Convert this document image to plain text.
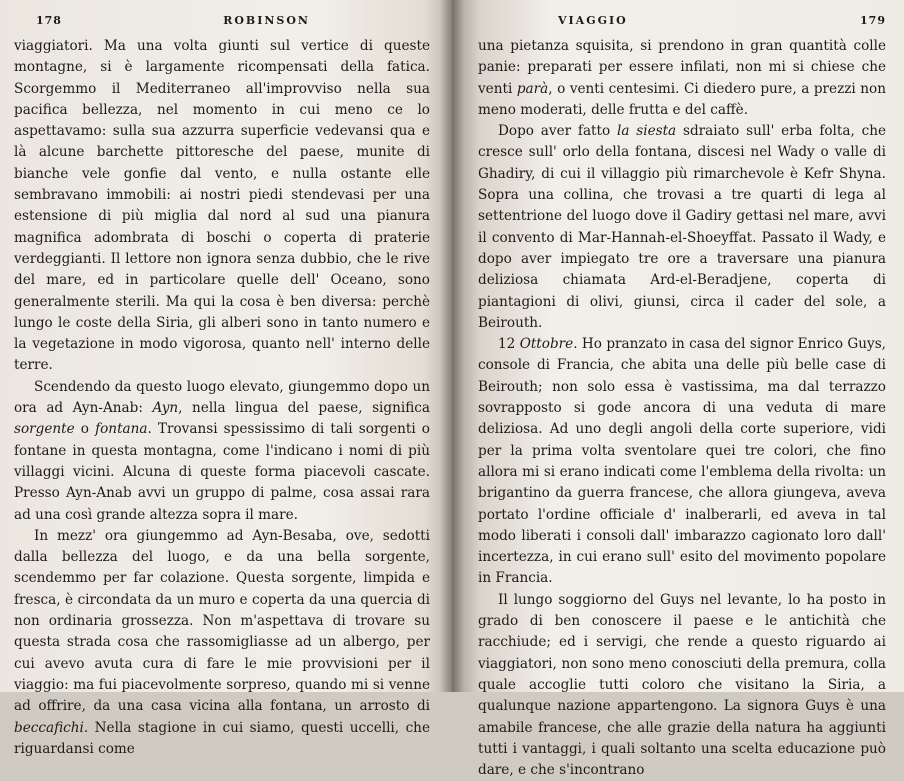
178	ROBINSON

viaggiatori. Ma una volta giunti sul vertice di queste montagne, si è largamente ricompensati della fatica. Scorgemmo il Mediterraneo all'improvviso nella sua pacifica bellezza, nel momento in cui meno ce lo aspettavamo: sulla sua azzurra superficie vedevansi qua e là alcune barchette pittoresche del paese, munite di bianche vele gonfie dal vento, e nulla ostante elle sembravano immobili: ai nostri piedi stendevasi per una estensione di più miglia dal nord al sud una pianura magnifica adombrata di boschi o coperta di praterie verdeggianti. Il lettore non ignora senza dubbio, che le rive del mare, ed in particolare quelle dell' Oceano, sono generalmente sterili. Ma qui la cosa è ben diversa: perchè lungo le coste della Siria, gli alberi sono in tanto numero e la vegetazione in modo vigorosa, quanto nell' interno delle terre.

Scendendo da questo luogo elevato, giungemmo dopo un ora ad Ayn-Anab: Ayn, nella lingua del paese, significa sorgente o fontana. Trovansi spessissimo di tali sorgenti o fontane in questa montagna, come l'indicano i nomi di più villaggi vicini. Alcuna di queste forma piacevoli cascate. Presso Ayn-Anab avvi un gruppo di palme, cosa assai rara ad una così grande altezza sopra il mare.

In mezz' ora giungemmo ad Ayn-Besaba, ove, sedotti dalla bellezza del luogo, e da una bella sorgente, scendemmo per far colazione. Questa sorgente, limpida e fresca, è circondata da un muro e coperta da una quercia di non ordinaria grossezza. Non m'aspettava di trovare su questa strada cosa che rassomigliasse ad un albergo, per cui avevo avuta cura di fare le mie provvisioni per il viaggio: ma fui piacevolmente sorpreso, quando mi si venne ad offrire, da una casa vicina alla fontana, un arrosto di beccafichi. Nella stagione in cui siamo, questi uccelli, che riguardansi come

VIAGGIO	179

una pietanza squisita, si prendono in gran quantità colle panie: preparati per essere infilati, non mi si chiese che venti parà, o venti centesimi. Ci diedero pure, a prezzi non meno moderati, delle frutta e del caffè.

Dopo aver fatto la siesta sdraiato sull' erba folta, che cresce sull' orlo della fontana, discesi nel Wady o valle di Ghadiry, di cui il villaggio più rimarchevole è Kefr Shyna. Sopra una collina, che trovasi a tre quarti di lega al settentrione del luogo dove il Gadiry gettasi nel mare, avvi il convento di Mar-Hannah-el-Shoeyffat. Passato il Wady, e dopo aver impiegato tre ore a traversare una pianura deliziosa chiamata Ard-el-Beradjene, coperta di piantagioni di olivi, giunsi, circa il cader del sole, a Beirouth.

12 Ottobre. Ho pranzato in casa del signor Enrico Guys, console di Francia, che abita una delle più belle case di Beirouth; non solo essa è vastissima, ma dal terrazzo sovrapposto si gode ancora di una veduta di mare deliziosa. Ad uno degli angoli della corte superiore, vidi per la prima volta sventolare quei tre colori, che fino allora mi si erano indicati come l'emblema della rivolta: un brigantino da guerra francese, che allora giungeva, aveva portato l'ordine officiale d' inalberarli, ed aveva in tal modo liberati i consoli dall' imbarazzo cagionato loro dall' incertezza, in cui erano sull' esito del movimento popolare in Francia.

Il lungo soggiorno del Guys nel levante, lo ha posto in grado di ben conoscere il paese e le antichità che racchiude; ed i servigi, che rende a questo riguardo ai viaggiatori, non sono meno conosciuti della premura, colla quale accoglie tutti coloro che visitano la Siria, a qualunque nazione appartengono. La signora Guys è una amabile francese, che alle grazie della natura ha aggiunti tutti i vantaggi, i quali soltanto una scelta educazione può dare, e che s'incontrano
